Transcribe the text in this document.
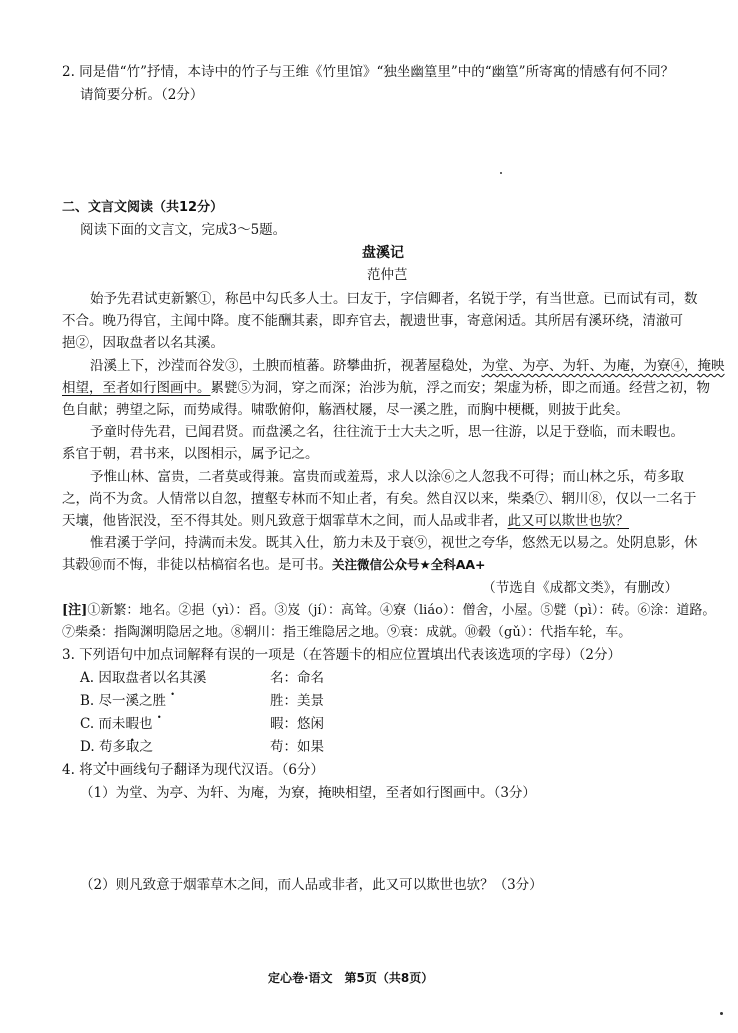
2. 同是借“竹”抒情，本诗中的竹子与王维《竹里馆》“独坐幽篁里”中的“幽篁”所寄寓的情感有何不同？
请简要分析。（2分）
二、文言文阅读（共12分）
阅读下面的文言文，完成3～5题。
盘溪记
范仲芑
始予先君试吏新繁①，称邑中勾氏多人士。曰友于，字信卿者，名锐于学，有当世意。已而试有司，数
不合。晚乃得官，主闻中降。度不能酬其素，即弃官去，靓遗世事，寄意闲适。其所居有溪环绕，清澈可
挹②，因取盘者以名其溪。
沿溪上下，沙滢而谷发③，土腴而植蕃。跻攀曲折，视著屋稳处，为堂、为亭、为轩、为庵，为寮④，掩映
相望，至者如行图画中。累甓⑤为洞，穿之而深；治涉为航，浮之而安；架虚为桥，即之而通。经营之初，物
色自献；骋望之际，而势咸得。啸歌俯仰，觞酒杖屦，尽一溪之胜，而胸中梗概，则披于此矣。
予童时侍先君，已闻君贤。而盘溪之名，往往流于士大夫之听，思一往游，以足于登临，而未暇也。
系官于朝，君书来，以图相示，属予记之。
予惟山林、富贵，二者莫或得兼。富贵而或羞焉，求人以涂⑥之人忽我不可得；而山林之乐，苟多取
之，尚不为贪。人情常以自忽，擅壑专林而不知止者，有矣。然自汉以来，柴桑⑦、辋川⑧，仅以一二名于
天壤，他皆泯没，至不得其处。则凡致意于烟霏草木之间，而人品或非者，此又可以欺世也欤？
惟君溪于学问，持满而未发。既其入仕，筋力未及于衰⑨，视世之夸华，悠然无以易之。处阴息影，休
其毂⑩而不悔，非徒以枯槁宿名也。是可书。关注微信公众号★全科AA+
（节选自《成都文类》，有删改）
[注]①新繁：地名。②挹（yì）：舀。③岌（jí）：高耸。④寮（liáo）：僧舍，小屋。⑤甓（pì）：砖。⑥涂：道路。
⑦柴桑：指陶渊明隐居之地。⑧辋川：指王维隐居之地。⑨衰：成就。⑩毂（gǔ）：代指车轮，车。
3. 下列语句中加点词解释有误的一项是（在答题卡的相应位置填出代表该选项的字母）（2分）
A. 因取盘者以名其溪	名：命名
B. 尽一溪之胜	胜：美景
C. 而未暇也	暇：悠闲
D. 苟多取之	苟：如果
4. 将文中画线句子翻译为现代汉语。（6分）
（1）为堂、为亭、为轩、为庵，为寮，掩映相望，至者如行图画中。（3分）
（2）则凡致意于烟霏草木之间，而人品或非者，此又可以欺世也欤？（3分）
定心卷·语文　第5页（共8页）
